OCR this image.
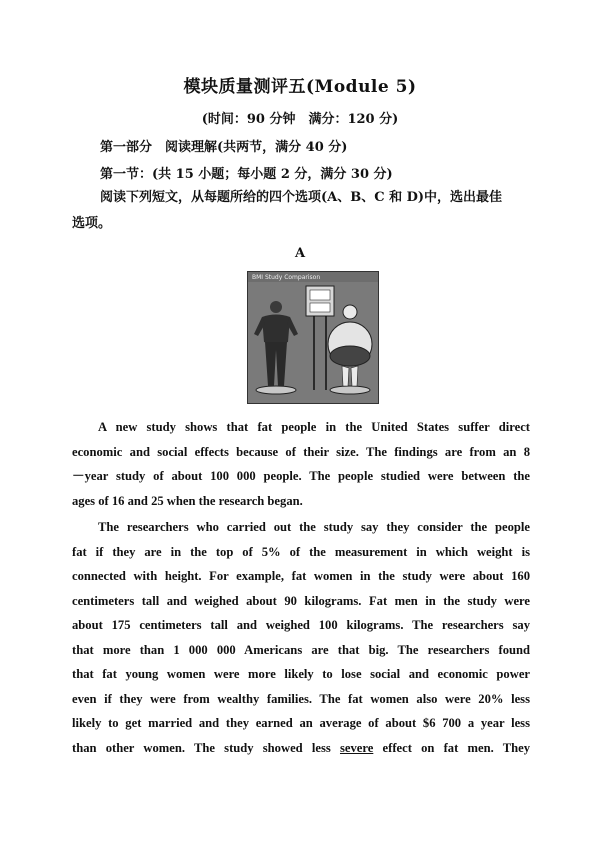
模块质量测评五(Module 5)
(时间：90 分钟　满分：120 分)
第一部分　阅读理解(共两节，满分 40 分)
第一节：(共 15 小题；每小题 2 分，满分 30 分)
阅读下列短文，从每题所给的四个选项(A、B、C 和 D)中，选出最佳
选项。
A
BMI Study Comparison
A new study shows that fat people in the United States suffer direct
economic and social effects because of their size. The findings are from an 8
－year study of about 100 000 people. The people studied were between the
ages of 16 and 25 when the research began.
The researchers who carried out the study say they consider the people
fat if they are in the top of 5% of the measurement in which weight is
connected with height. For example, fat women in the study were about 160
centimeters tall and weighed about 90 kilograms. Fat men in the study were
about 175 centimeters tall and weighed 100 kilograms. The researchers say
that more than 1 000 000 Americans are that big. The researchers found
that fat young women were more likely to lose social and economic power
even if they were from wealthy families. The fat women also were 20% less
likely to get married and they earned an average of about $6 700 a year less
than other women. The study showed less severe effect on fat men. They
